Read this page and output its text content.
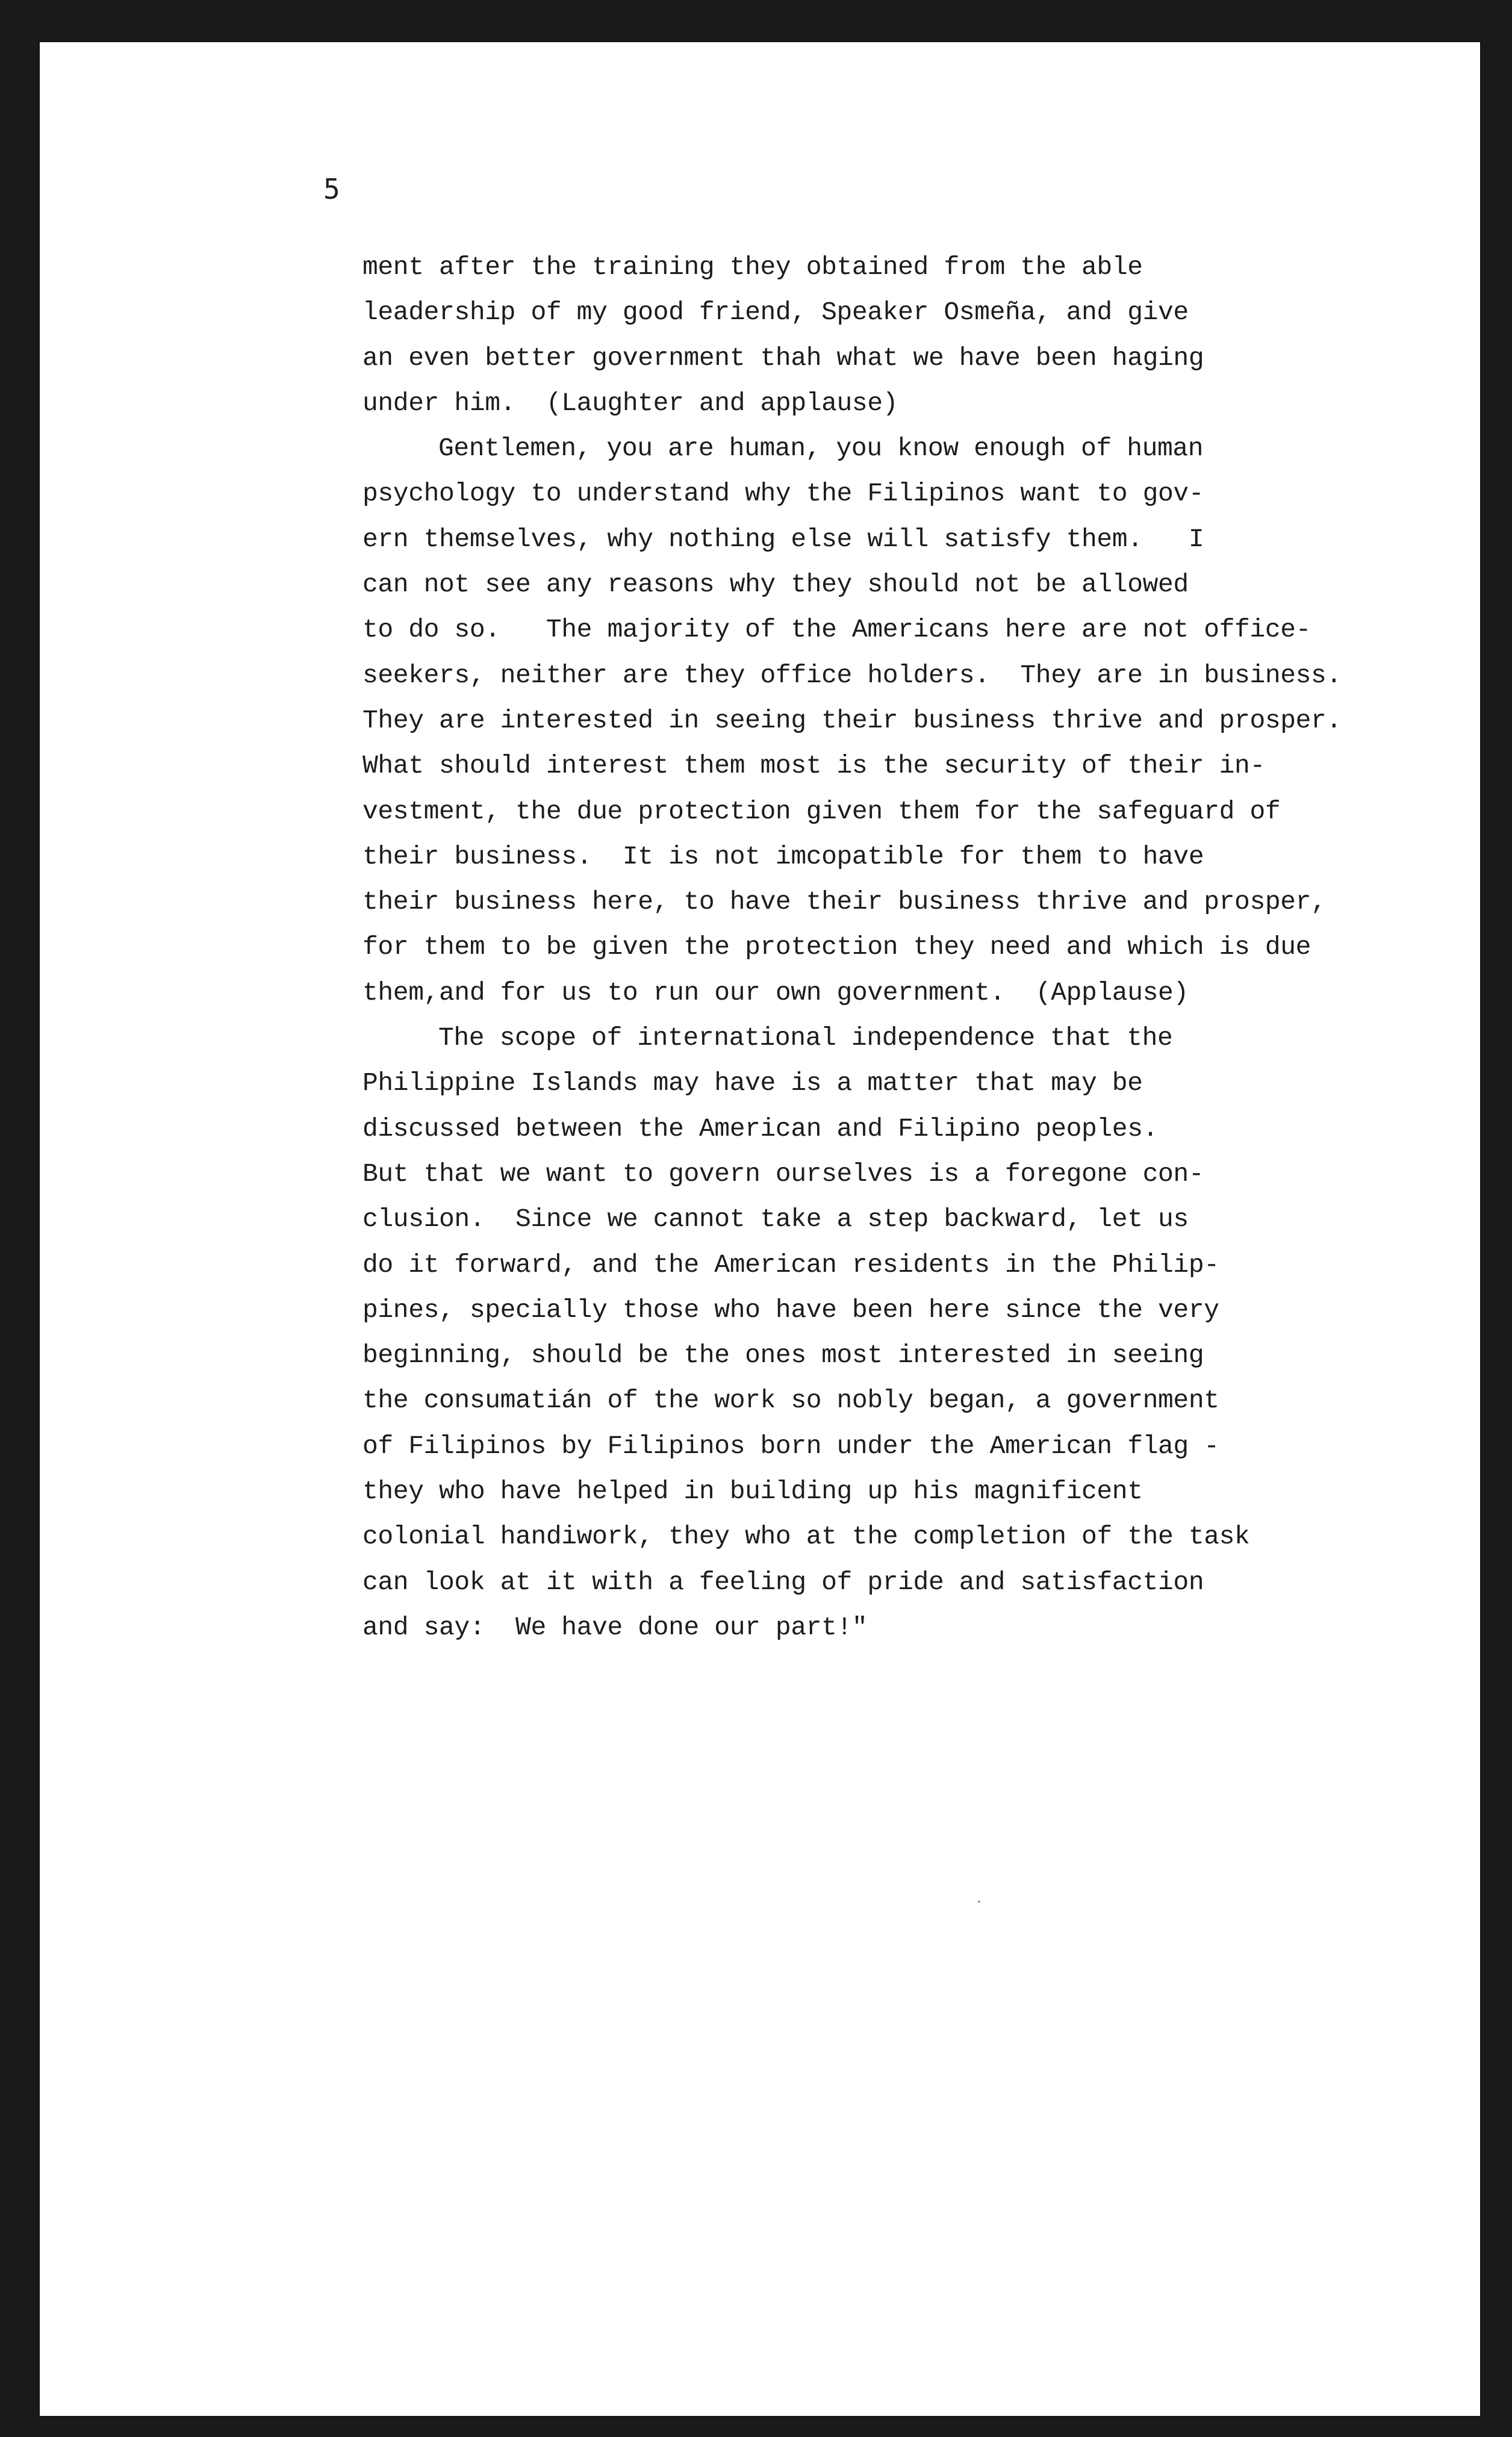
5

ment after the training they obtained from the able
leadership of my good friend, Speaker Osmeña, and give
an even better government thah what we have been haging
under him.  (Laughter and applause)
Gentlemen, you are human, you know enough of human
psychology to understand why the Filipinos want to gov-
ern themselves, why nothing else will satisfy them.   I
can not see any reasons why they should not be allowed
to do so.   The majority of the Americans here are not office-
seekers, neither are they office holders.  They are in business.
They are interested in seeing their business thrive and prosper.
What should interest them most is the security of their in-
vestment, the due protection given them for the safeguard of
their business.  It is not imcopatible for them to have
their business here, to have their business thrive and prosper,
for them to be given the protection they need and which is due
them,and for us to run our own government.  (Applause)
The scope of international independence that the
Philippine Islands may have is a matter that may be
discussed between the American and Filipino peoples.
But that we want to govern ourselves is a foregone con-
clusion.  Since we cannot take a step backward, let us
do it forward, and the American residents in the Philip-
pines, specially those who have been here since the very
beginning, should be the ones most interested in seeing
the consumatián of the work so nobly began, a government
of Filipinos by Filipinos born under the American flag -
they who have helped in building up his magnificent
colonial handiwork, they who at the completion of the task
can look at it with a feeling of pride and satisfaction
and say:  We have done our part!"
